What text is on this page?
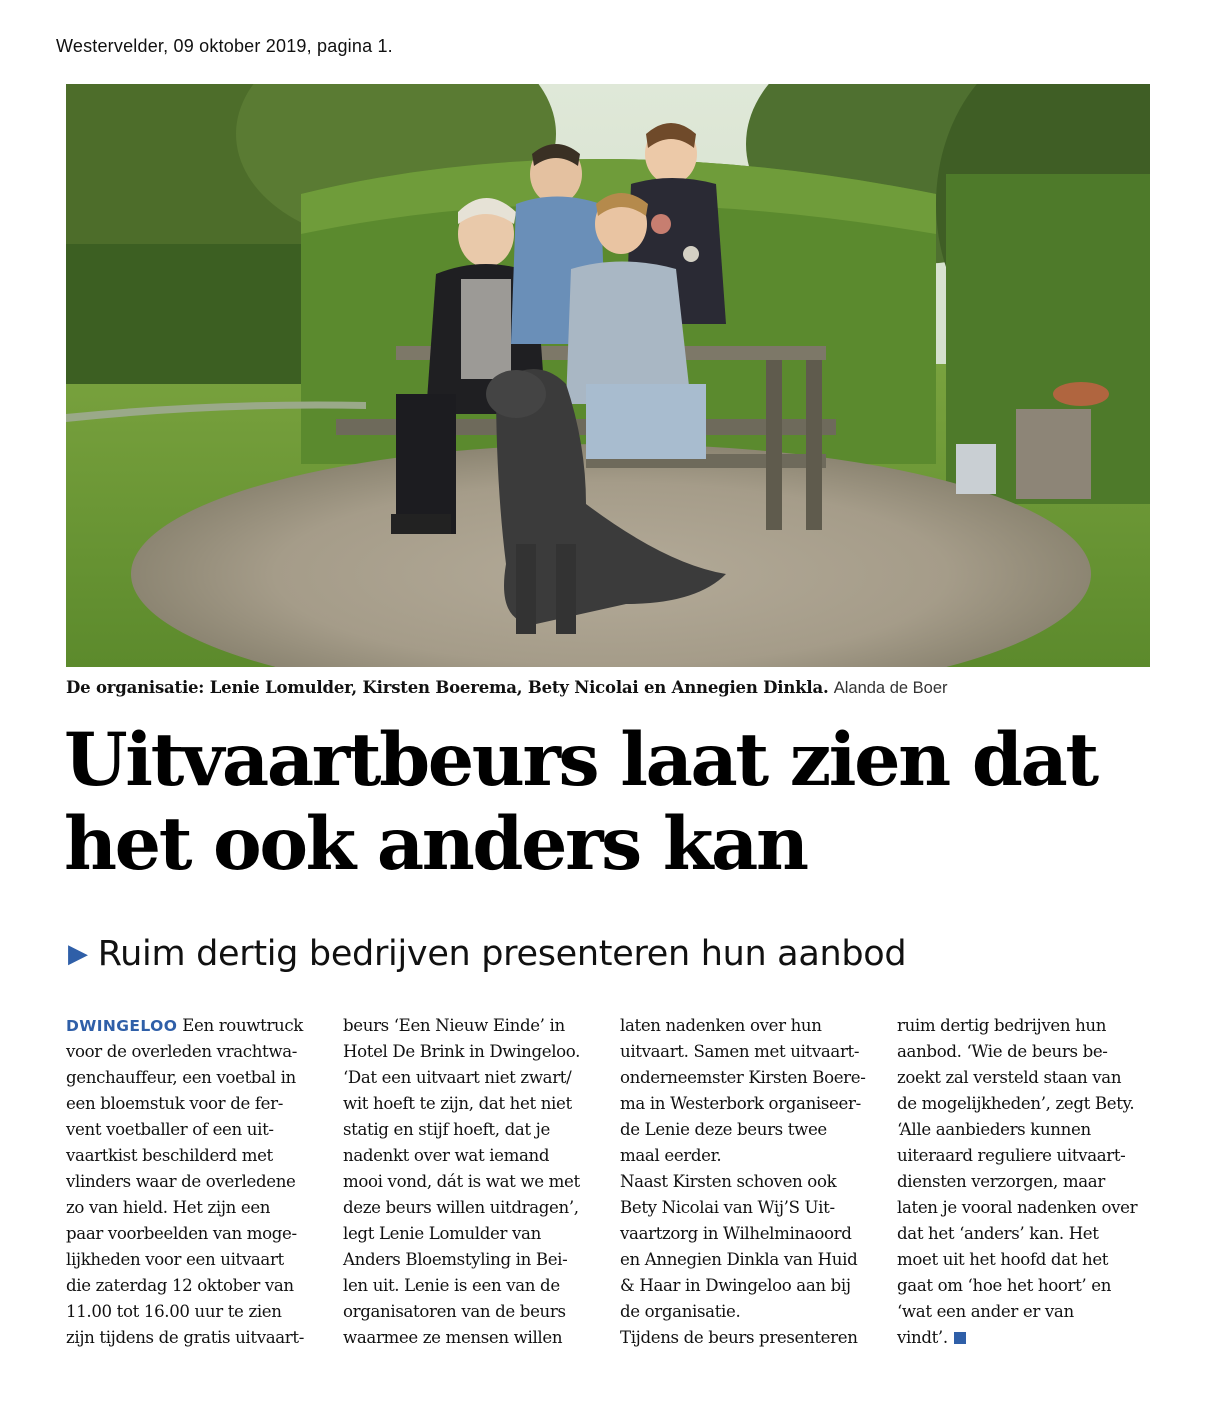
Westervelder, 09 oktober 2019, pagina 1.
De organisatie: Lenie Lomulder, Kirsten Boerema, Bety Nicolai en Annegien Dinkla. Alanda de Boer
Uitvaartbeurs laat zien dat
het ook anders kan
▶ Ruim dertig bedrijven presenteren hun aanbod

DWINGELOO Een rouwtruck
voor de overleden vrachtwa-
genchauffeur, een voetbal in
een bloemstuk voor de fer-
vent voetballer of een uit-
vaartkist beschilderd met
vlinders waar de overledene
zo van hield. Het zijn een
paar voorbeelden van moge-
lijkheden voor een uitvaart
die zaterdag 12 oktober van
11.00 tot 16.00 uur te zien
zijn tijdens de gratis uitvaart-

beurs ‘Een Nieuw Einde’ in
Hotel De Brink in Dwingeloo.
‘Dat een uitvaart niet zwart/
wit hoeft te zijn, dat het niet
statig en stijf hoeft, dat je
nadenkt over wat iemand
mooi vond, dát is wat we met
deze beurs willen uitdragen’,
legt Lenie Lomulder van
Anders Bloemstyling in Bei-
len uit. Lenie is een van de
organisatoren van de beurs
waarmee ze mensen willen

laten nadenken over hun
uitvaart. Samen met uitvaart-
onderneemster Kirsten Boere-
ma in Westerbork organiseer-
de Lenie deze beurs twee
maal eerder.
Naast Kirsten schoven ook
Bety Nicolai van Wij’S Uit-
vaartzorg in Wilhelminaoord
en Annegien Dinkla van Huid
& Haar in Dwingeloo aan bij
de organisatie.
Tijdens de beurs presenteren

ruim dertig bedrijven hun
aanbod. ‘Wie de beurs be-
zoekt zal versteld staan van
de mogelijkheden’, zegt Bety.
‘Alle aanbieders kunnen
uiteraard reguliere uitvaart-
diensten verzorgen, maar
laten je vooral nadenken over
dat het ‘anders’ kan. Het
moet uit het hoofd dat het
gaat om ‘hoe het hoort’ en
‘wat een ander er van
vindt’.
